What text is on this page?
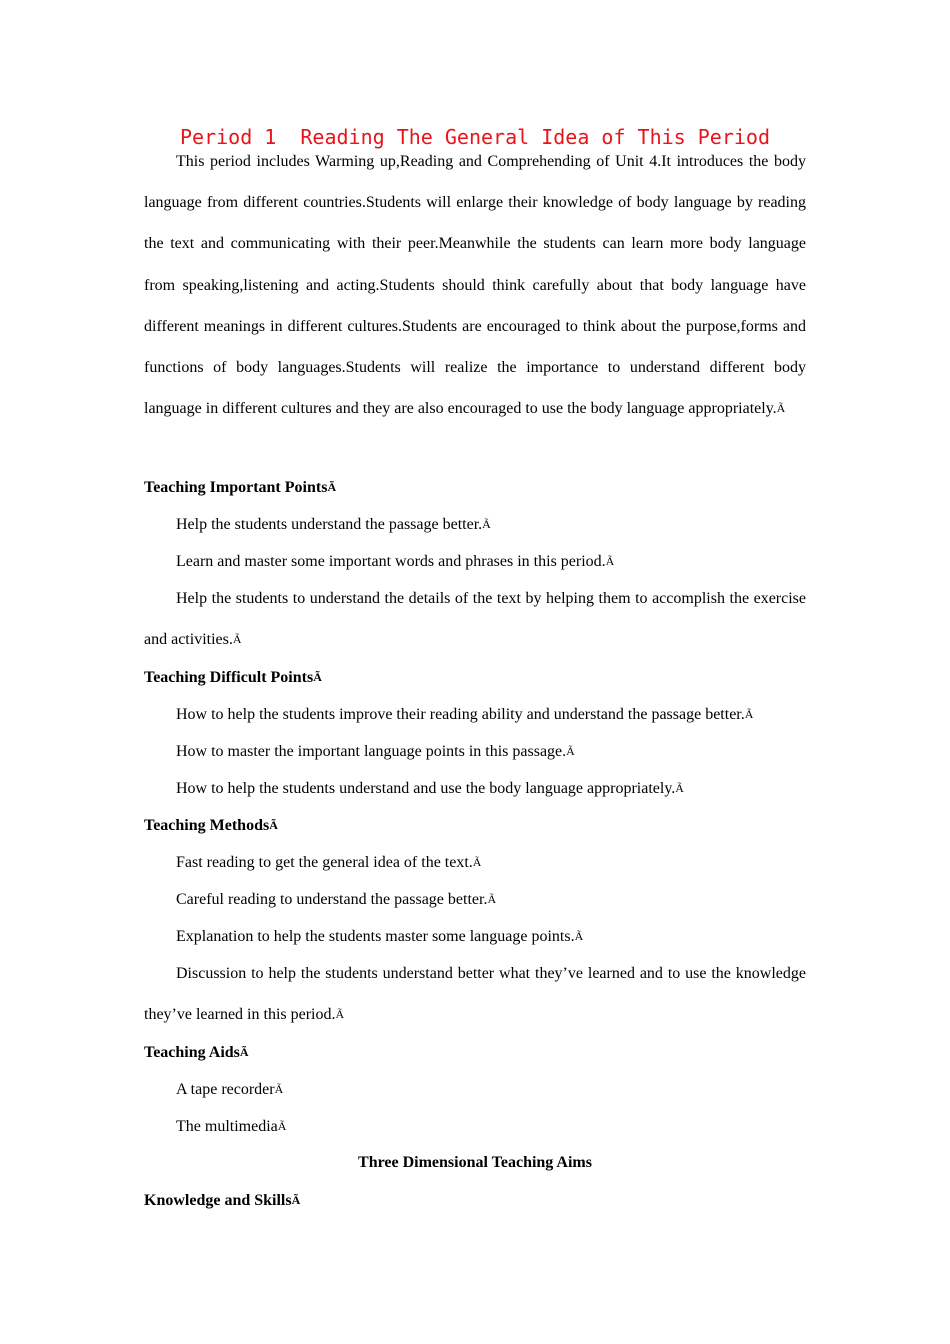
Period 1  Reading The General Idea of This Period

This period includes Warming up,Reading and Comprehending of Unit 4.It introduces the body language from different countries.Students will enlarge their knowledge of body language by reading the text and communicating with their peer.Meanwhile the students can learn more body language from speaking,listening and acting.Students should think carefully about that body language have different meanings in different cultures.Students are encouraged to think about the purpose,forms and functions of body languages.Students will realize the importance to understand different body language in different cultures and they are also encouraged to use the body language appropriately.Ã

Teaching Important PointsÃ

Help the students understand the passage better.Ã

Learn and master some important words and phrases in this period.Ã

Help the students to understand the details of the text by helping them to accomplish the exercise and activities.Ã

Teaching Difficult PointsÃ

How to help the students improve their reading ability and understand the passage better.Ã

How to master the important language points in this passage.Ã

How to help the students understand and use the body language appropriately.Ã

Teaching MethodsÃ

Fast reading to get the general idea of the text.Ã

Careful reading to understand the passage better.Ã

Explanation to help the students master some language points.Ã

Discussion to help the students understand better what they’ve learned and to use the knowledge they’ve learned in this period.Ã

Teaching AidsÃ

A tape recorderÃ

The multimediaÃ

Three Dimensional Teaching Aims

Knowledge and SkillsÃ
